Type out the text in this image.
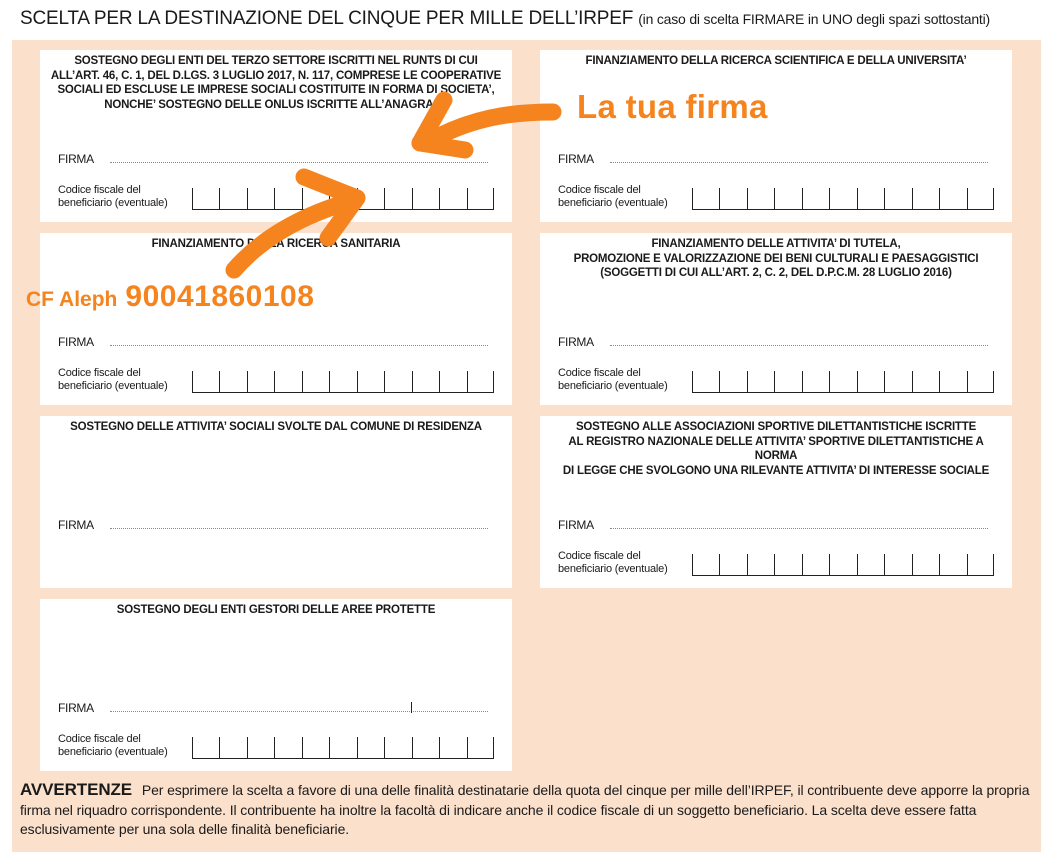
SCELTA PER LA DESTINAZIONE DEL CINQUE PER MILLE DELL’IRPEF (in caso di scelta FIRMARE in UNO degli spazi sottostanti)
SOSTEGNO DEGLI ENTI DEL TERZO SETTORE ISCRITTI NEL RUNTS DI CUI
ALL’ART. 46, C. 1, DEL D.LGS. 3 LUGLIO 2017, N. 117, COMPRESE LE COOPERATIVE
SOCIALI ED ESCLUSE LE IMPRESE SOCIALI COSTITUITE IN FORMA DI SOCIETA’,
NONCHE’ SOSTEGNO DELLE ONLUS ISCRITTE ALL’ANAGRAFE
FIRMA
Codice fiscale del
beneficiario (eventuale)
FINANZIAMENTO DELLA RICERCA SCIENTIFICA E DELLA UNIVERSITA’
FIRMA
Codice fiscale del
beneficiario (eventuale)
FINANZIAMENTO DELLA RICERCA SANITARIA
FIRMA
Codice fiscale del
beneficiario (eventuale)
FINANZIAMENTO DELLE ATTIVITA’ DI TUTELA,
PROMOZIONE E VALORIZZAZIONE DEI BENI CULTURALI E PAESAGGISTICI
(SOGGETTI DI CUI ALL’ART. 2, C. 2, DEL D.P.C.M. 28 LUGLIO 2016)
FIRMA
Codice fiscale del
beneficiario (eventuale)
SOSTEGNO DELLE ATTIVITA’ SOCIALI SVOLTE DAL COMUNE DI RESIDENZA
FIRMA
SOSTEGNO ALLE ASSOCIAZIONI SPORTIVE DILETTANTISTICHE ISCRITTE
AL REGISTRO NAZIONALE DELLE ATTIVITA’ SPORTIVE DILETTANTISTICHE A NORMA
DI LEGGE CHE SVOLGONO UNA RILEVANTE ATTIVITA’ DI INTERESSE SOCIALE
FIRMA
Codice fiscale del
beneficiario (eventuale)
SOSTEGNO DEGLI ENTI GESTORI DELLE AREE PROTETTE
FIRMA
Codice fiscale del
beneficiario (eventuale)
AVVERTENZE Per esprimere la scelta a favore di una delle finalità destinatarie della quota del cinque per mille dell’IRPEF, il contribuente deve apporre la propria firma nel riquadro corrispondente. Il contribuente ha inoltre la facoltà di indicare anche il codice fiscale di un soggetto beneficiario. La scelta deve essere fatta esclusivamente per una sola delle finalità beneficiarie.
La tua firma
CF Aleph 90041860108
